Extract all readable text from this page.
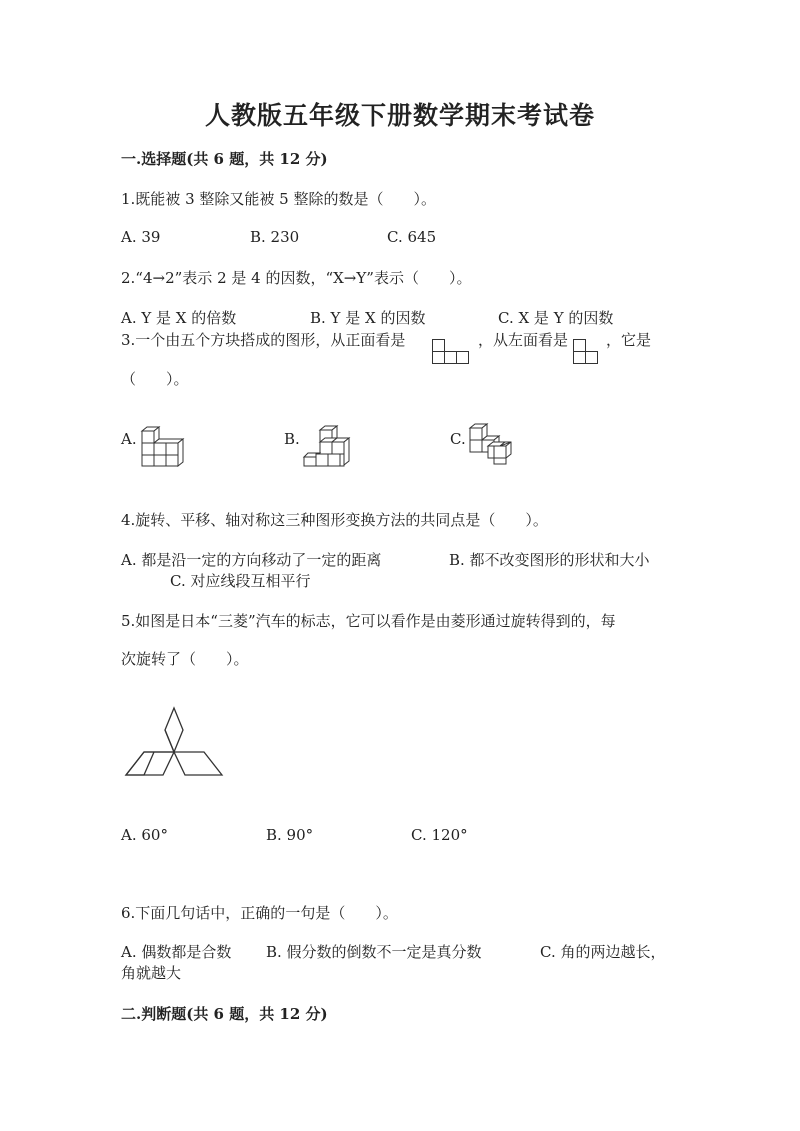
人教版五年级下册数学期末考试卷
一.选择题(共 6 题，共 12 分)
1.既能被 3 整除又能被 5 整除的数是（　　）。
A. 39	B. 230	C. 645
2.“4→2”表示 2 是 4 的因数，“X→Y”表示（　　）。
A. Y 是 X 的倍数	B. Y 是 X 的因数	C. X 是 Y 的因数
3.一个由五个方块搭成的图形，从正面看是	，从左面看是	，它是
（　　）。
A.	B.	C.
4.旋转、平移、轴对称这三种图形变换方法的共同点是（　　）。
A. 都是沿一定的方向移动了一定的距离	B. 都不改变图形的形状和大小
C. 对应线段互相平行
5.如图是日本“三菱”汽车的标志，它可以看作是由菱形通过旋转得到的，每
次旋转了（　　）。
A. 60°	B. 90°	C. 120°
6.下面几句话中，正确的一句是（　　）。
A. 偶数都是合数 B. 假分数的倒数不一定是真分数	C. 角的两边越长，
角就越大
二.判断题(共 6 题，共 12 分)
